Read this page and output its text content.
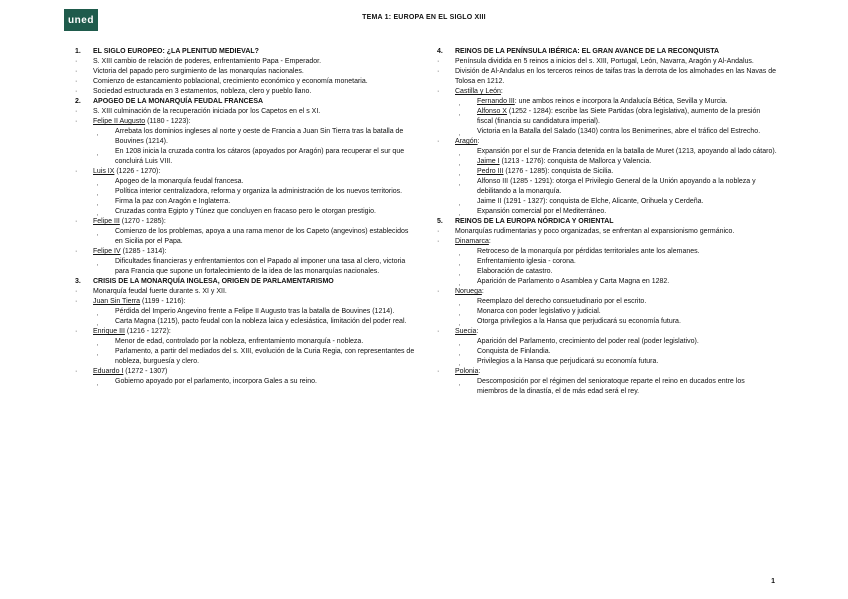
uned	TEMA 1: EUROPA EN EL SIGLO XIII
1. EL SIGLO EUROPEO: ¿LA PLENITUD MEDIEVAL?
· S. XIII cambio de relación de poderes, enfrentamiento Papa - Emperador.
· Victoria del papado pero surgimiento de las monarquías nacionales.
· Comienzo de estancamiento poblacional, crecimiento económico y economía monetaria.
· Sociedad estructurada en 3 estamentos, nobleza, clero y pueblo llano.
2. APOGEO DE LA MONARQUÍA FEUDAL FRANCESA
· S. XIII culminación de la recuperación iniciada por los Capetos en el s XI.
· Felipe II Augusto (1180 - 1223):
‚ Arrebata los dominios ingleses al norte y oeste de Francia a Juan Sin Tierra tras la batalla de Bouvines (1214).
‚ En 1208 inicia la cruzada contra los cátaros (apoyados por Aragón) para recuperar el sur que concluirá Luis VIII.
· Luis IX (1226 - 1270):
‚ Apogeo de la monarquía feudal francesa.
‚ Política interior centralizadora, reforma y organiza la administración de los nuevos territorios.
‚ Firma la paz con Aragón e Inglaterra.
‚ Cruzadas contra Egipto y Túnez que concluyen en fracaso pero le otorgan prestigio.
· Felipe III (1270 - 1285):
‚ Comienzo de los problemas, apoya a una rama menor de los Capeto (angevinos) establecidos en Sicilia por el Papa.
· Felipe IV (1285 - 1314):
‚ Dificultades financieras y enfrentamientos con el Papado al imponer una tasa al clero, victoria para Francia que supone un fortalecimiento de la idea de las monarquías nacionales.
3. CRISIS DE LA MONARQUÍA INGLESA, ORIGEN DE PARLAMENTARISMO
· Monarquía feudal fuerte durante s. XI y XII.
· Juan Sin Tierra (1199 - 1216):
‚ Pérdida del Imperio Angevino frente a Felipe II Augusto tras la batalla de Bouvines (1214).
‚ Carta Magna (1215), pacto feudal con la nobleza laica y eclesiástica, limitación del poder real.
· Enrique III (1216 - 1272):
‚ Menor de edad, controlado por la nobleza, enfrentamiento monarquía - nobleza.
‚ Parlamento, a partir del mediados del s. XIII, evolución de la Curia Regia, con representantes de nobleza, burguesía y clero.
· Eduardo I (1272 - 1307)
‚ Gobierno apoyado por el parlamento, incorpora Gales a su reino.
4. REINOS DE LA PENÍNSULA IBÉRICA: EL GRAN AVANCE DE LA RECONQUISTA
· Península dividida en 5 reinos a inicios del s. XIII, Portugal, León, Navarra, Aragón y Al-Andalus.
· División de Al-Andalus en los terceros reinos de taifas tras la derrota de los almohades en las Navas de Tolosa en 1212.
· Castilla y León:
‚ Fernando III: une ambos reinos e incorpora la Andalucía Bética, Sevilla y Murcia.
‚ Alfonso X (1252 - 1284): escribe las Siete Partidas (obra legislativa), aumento de la presión fiscal (financia su candidatura imperial).
‚ Victoria en la Batalla del Salado (1340) contra los Benimerines, abre el tráfico del Estrecho.
· Aragón:
‚ Expansión por el sur de Francia detenida en la batalla de Muret (1213, apoyando al lado cátaro).
‚ Jaime I (1213 - 1276): conquista de Mallorca y Valencia.
‚ Pedro III (1276 - 1285): conquista de Sicilia.
‚ Alfonso III (1285 - 1291): otorga el Privilegio General de la Unión apoyando a la nobleza y debilitando a la monarquía.
‚ Jaime II (1291 - 1327): conquista de Elche, Alicante, Orihuela y Cerdeña.
‚ Expansión comercial por el Mediterráneo.
5. REINOS DE LA EUROPA NÓRDICA Y ORIENTAL
· Monarquías rudimentarias y poco organizadas, se enfrentan al expansionismo germánico.
· Dinamarca:
‚ Retroceso de la monarquía por pérdidas territoriales ante los alemanes.
‚ Enfrentamiento iglesia - corona.
‚ Elaboración de catastro.
‚ Aparición de Parlamento o Asamblea y Carta Magna en 1282.
· Noruega:
‚ Reemplazo del derecho consuetudinario por el escrito.
‚ Monarca con poder legislativo y judicial.
‚ Otorga privilegios a la Hansa que perjudicará su economía futura.
· Suecia:
‚ Aparición del Parlamento, crecimiento del poder real (poder legislativo).
‚ Conquista de Finlandia.
‚ Privilegios a la Hansa que perjudicará su economía futura.
· Polonia:
‚ Descomposición por el régimen del senioratoque reparte el reino en ducados entre los miembros de la dinastía, el de más edad será el rey.
1
